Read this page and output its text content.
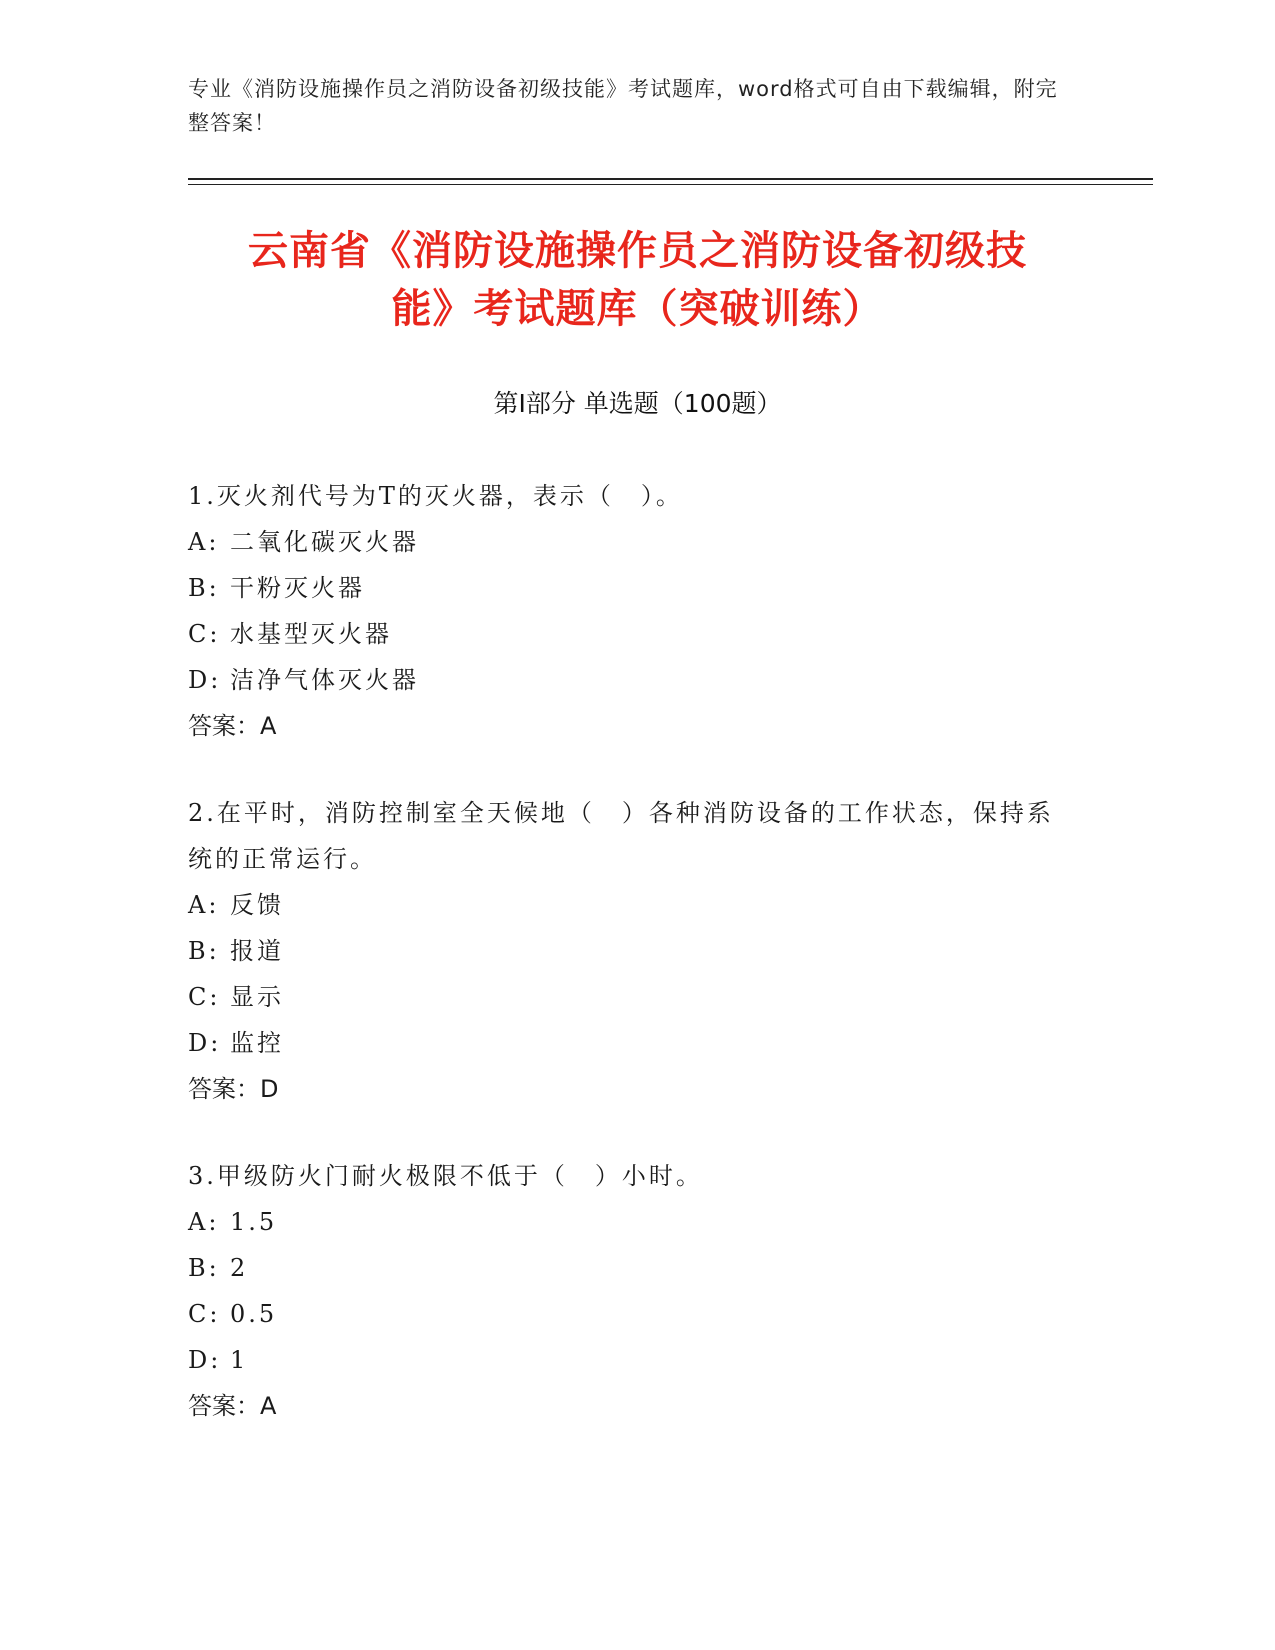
专业《消防设施操作员之消防设备初级技能》考试题库，word格式可自由下载编辑，附完整答案！
云南省《消防设施操作员之消防设备初级技
能》考试题库（突破训练）
第Ⅰ部分 单选题（100题）

1.灭火剂代号为T的灭火器，表示（　）。

A: 二氧化碳灭火器

B: 干粉灭火器

C: 水基型灭火器

D: 洁净气体灭火器

答案：A

2.在平时，消防控制室全天候地（　）各种消防设备的工作状态，保持系统的正常运行。

A: 反馈

B: 报道

C: 显示

D: 监控

答案：D

3.甲级防火门耐火极限不低于（　）小时。

A: 1.5

B: 2

C: 0.5

D: 1

答案：A
